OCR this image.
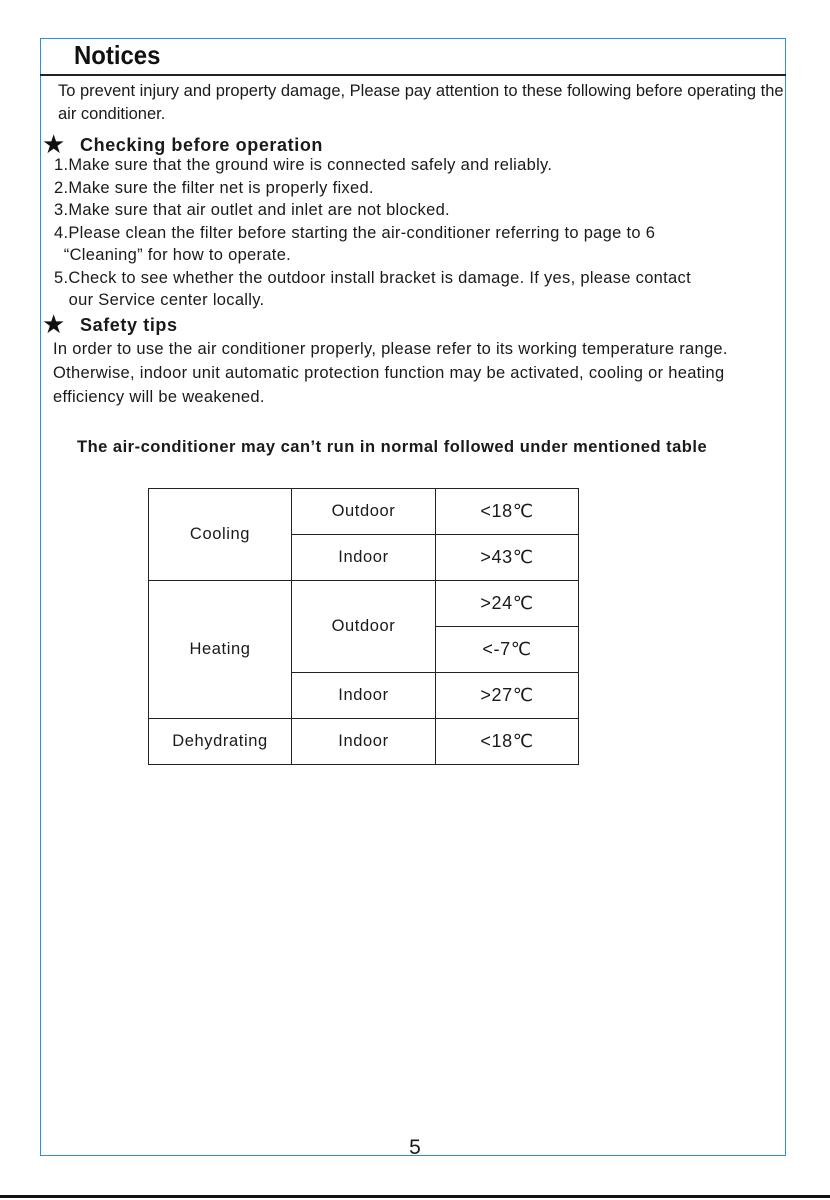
Notices

To prevent injury and property damage, Please pay attention to these following before operating the air conditioner.

★ Checking before operation
1.Make sure that the ground wire is connected safely and reliably.
2.Make sure the filter net is properly fixed.
3.Make sure that air outlet and inlet are not blocked.
4.Please clean the filter before starting the air-conditioner referring to page to 6
“Cleaning” for how to operate.
5.Check to see whether the outdoor install bracket is damage. If yes, please contact
our Service center locally.
★ Safety tips

In order to use the air conditioner properly, please refer to its working temperature range. Otherwise, indoor unit automatic protection function may be activated, cooling or heating efficiency will be weakened.

The air-conditioner may can’t run in normal followed under mentioned table

Cooling	Outdoor	<18℃
	Indoor	>43℃
Heating	Outdoor	>24℃
		<-7℃
	Indoor	>27℃
Dehydrating	Indoor	<18℃

5
